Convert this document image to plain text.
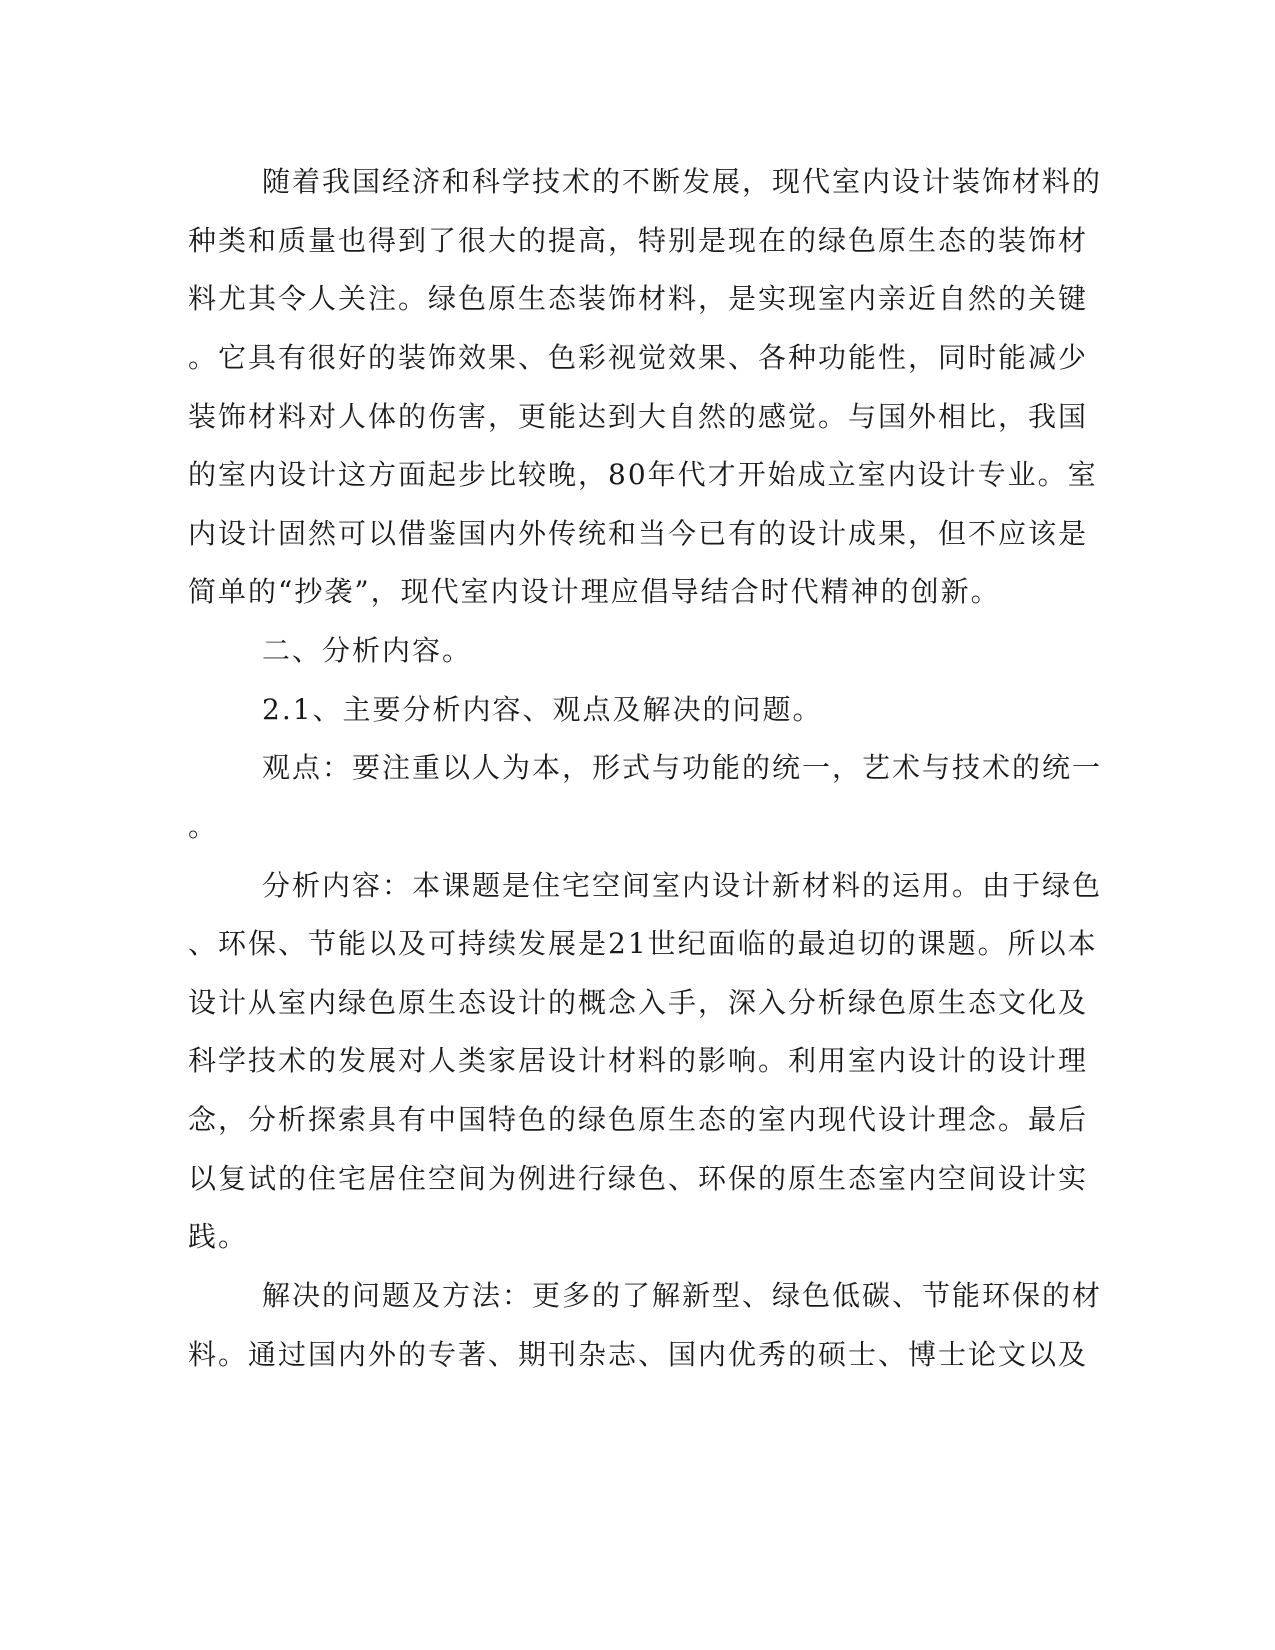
随着我国经济和科学技术的不断发展，现代室内设计装饰材料的
种类和质量也得到了很大的提高，特别是现在的绿色原生态的装饰材
料尤其令人关注。绿色原生态装饰材料，是实现室内亲近自然的关键
。它具有很好的装饰效果、色彩视觉效果、各种功能性，同时能减少
装饰材料对人体的伤害，更能达到大自然的感觉。与国外相比，我国
的室内设计这方面起步比较晚，80年代才开始成立室内设计专业。室
内设计固然可以借鉴国内外传统和当今已有的设计成果，但不应该是
简单的“抄袭”，现代室内设计理应倡导结合时代精神的创新。
二、分析内容。
2.1、主要分析内容、观点及解决的问题。
观点：要注重以人为本，形式与功能的统一，艺术与技术的统一
。
分析内容：本课题是住宅空间室内设计新材料的运用。由于绿色
、环保、节能以及可持续发展是21世纪面临的最迫切的课题。所以本
设计从室内绿色原生态设计的概念入手，深入分析绿色原生态文化及
科学技术的发展对人类家居设计材料的影响。利用室内设计的设计理
念，分析探索具有中国特色的绿色原生态的室内现代设计理念。最后
以复试的住宅居住空间为例进行绿色、环保的原生态室内空间设计实
践。
解决的问题及方法：更多的了解新型、绿色低碳、节能环保的材
料。通过国内外的专著、期刊杂志、国内优秀的硕士、博士论文以及
